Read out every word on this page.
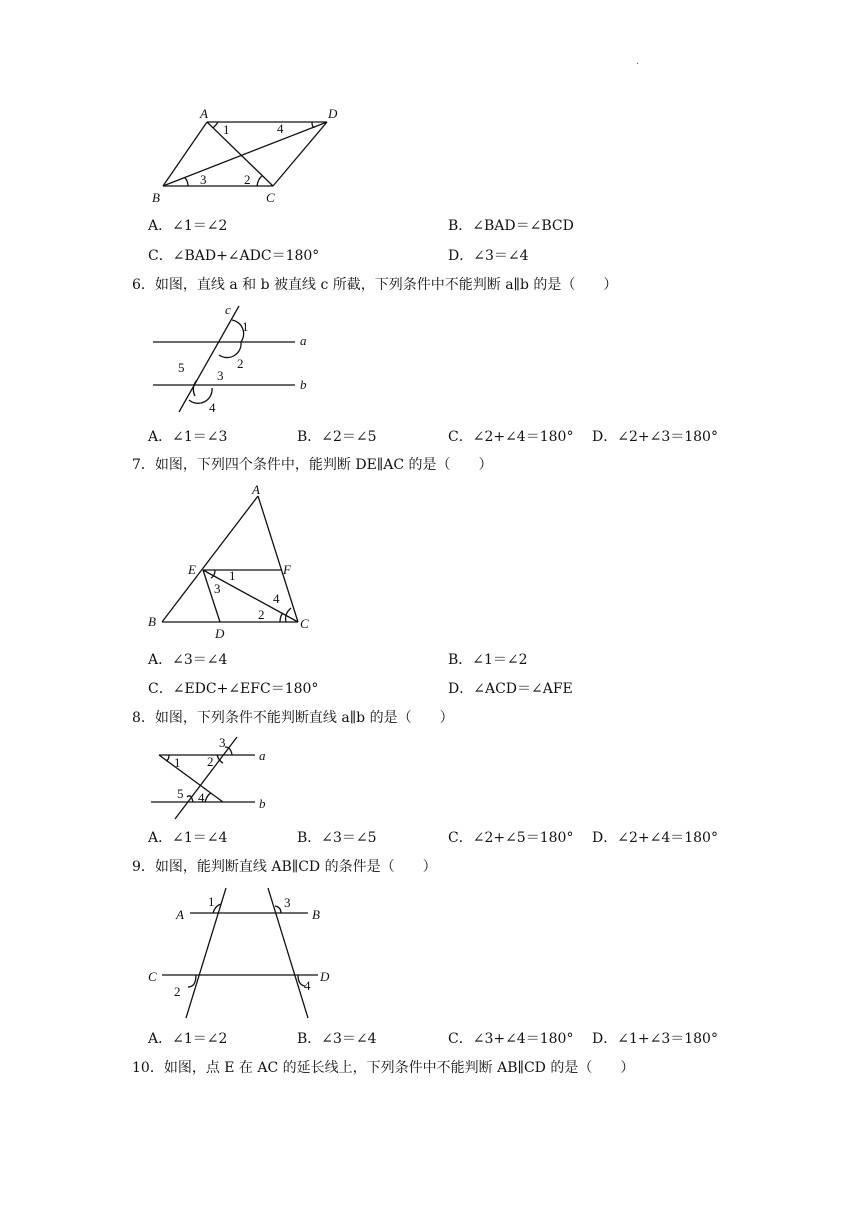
.
A	D
B	C
1
2
3
4
A．∠1＝∠2	B．∠BAD＝∠BCD
C．∠BAD+∠ADC＝180°	D．∠3＝∠4
6．如图，直线 a 和 b 被直线 c 所截，下列条件中不能判断 a∥b 的是（　　）
c
a
b
1
2
3
4
5
A．∠1＝∠3	B．∠2＝∠5	C．∠2+∠4＝180° D．∠2+∠3＝180°
7．如图，下列四个条件中，能判断 DE∥AC 的是（　　）
A
B	C
D
E	F
1
2
3
4
A．∠3＝∠4	B．∠1＝∠2
C．∠EDC+∠EFC＝180°	D．∠ACD＝∠AFE
8．如图，下列条件不能判断直线 a∥b 的是（　　）
a
b
1 2
3
4
5
A．∠1＝∠4	B．∠3＝∠5	C．∠2+∠5＝180° D．∠2+∠4＝180°
9．如图，能判断直线 AB∥CD 的条件是（　　）
A	B
C	D
1
2
3
4
A．∠1＝∠2	B．∠3＝∠4	C．∠3+∠4＝180° D．∠1+∠3＝180°
10．如图，点 E 在 AC 的延长线上，下列条件中不能判断 AB∥CD 的是（　　）
